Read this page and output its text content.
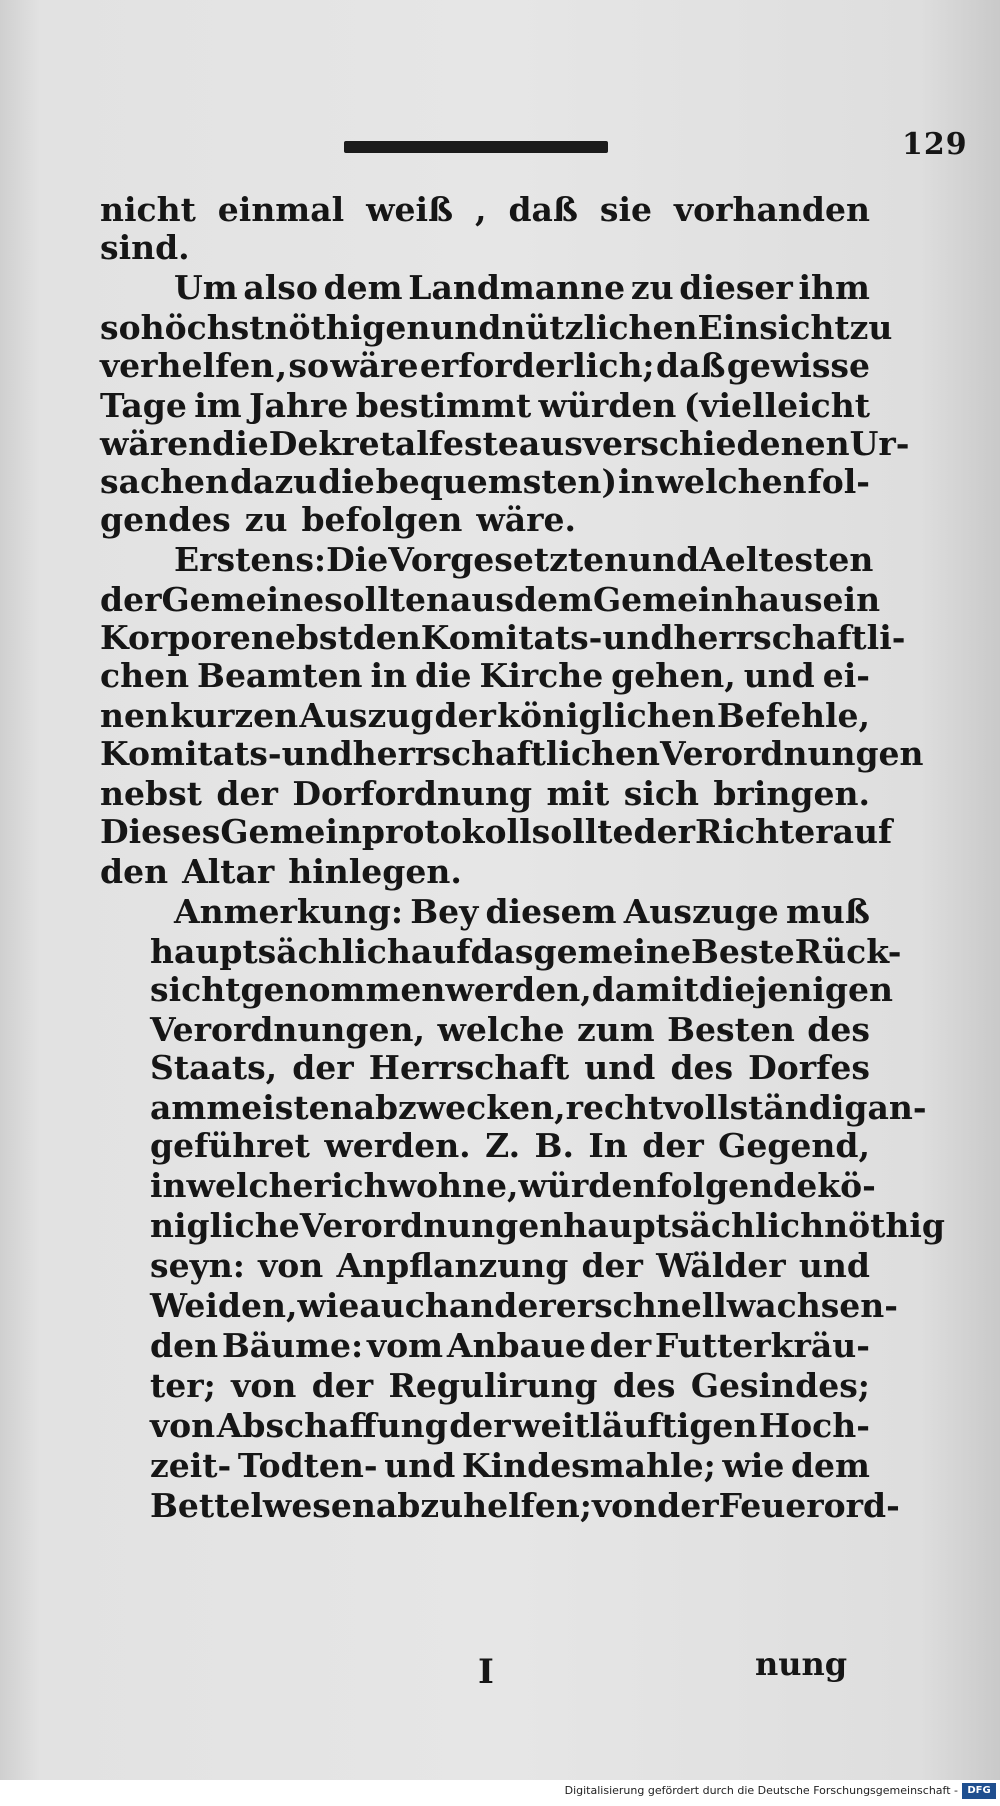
129
nicht einmal weiß , daß sie vorhanden
sind.
Um also dem Landmanne zu dieser ihm
so höchstnöthigen und nützlichen Einsicht zu
verhelfen , so wäre erforderlich; daß gewisse
Tage im Jahre bestimmt würden (vielleicht
wären die Dekretalfeste aus verschiedenen Ur-
sachen dazu die bequemsten) in welchen fol-
gendes zu befolgen wäre.
Erstens: Die Vorgesetzten und Aeltesten
der Gemeine sollten aus dem Gemeinhause in
Korpore nebst den Komitats- und herrschaftli-
chen Beamten in die Kirche gehen, und ei-
nen kurzen Auszug der königlichen Befehle,
Komitats- und herrschaftlichen Verordnungen
nebst der Dorfordnung mit sich bringen.
Dieses Gemeinprotokoll sollte der Richter auf
den Altar hinlegen.
Anmerkung: Bey diesem Auszuge muß
hauptsächlich auf das gemeine Beste Rück-
sicht genommen werden, damit diejenigen
Verordnungen, welche zum Besten des
Staats, der Herrschaft und des Dorfes
am meisten abzwecken, recht vollständig an-
geführet werden. Z. B. In der Gegend,
in welcher ich wohne, würden folgende kö-
nigliche Verordnungen hauptsächlich nöthig
seyn: von Anpflanzung der Wälder und
Weiden, wie auch anderer schnell wachsen-
den Bäume: vom Anbaue der Futterkräu-
ter; von der Regulirung des Gesindes;
von Abschaffung der weitläuftigen Hoch-
zeit- Todten- und Kindesmahle; wie dem
Bettelwesen abzuhelfen; von der Feuerord-
I	nung
Digitalisierung gefördert durch die Deutsche Forschungsgemeinschaft - DFG
